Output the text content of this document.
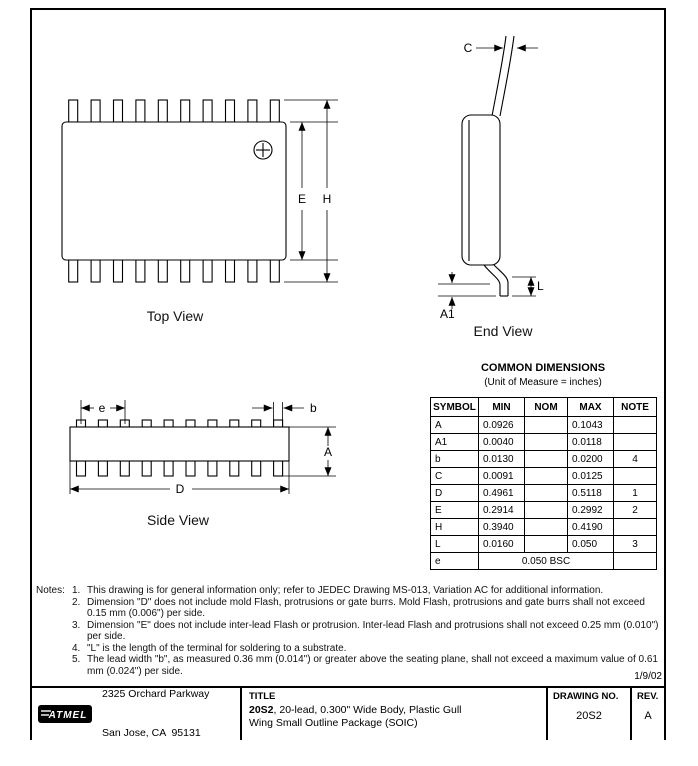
E H
Top View
C
L
A1
End View
e	b
D
A
Side View
COMMON DIMENSIONS
(Unit of Measure = inches)
SYMBOL	MIN	NOM	MAX	NOTE
A	0.0926		0.1043	
A1	0.0040		0.0118	
b	0.0130		0.0200	4
C	0.0091		0.0125	
D	0.4961		0.5118	1
E	0.2914		0.2992	2
H	0.3940		0.4190	
L	0.0160		0.050	3
e	0.050 BSC			
Notes: 1. This drawing is for general information only; refer to JEDEC Drawing MS-013, Variation AC for additional information.
2. Dimension "D" does not include mold Flash, protrusions or gate burrs. Mold Flash, protrusions and gate burrs shall not exceed 0.15 mm (0.006") per side.
3. Dimension "E" does not include inter-lead Flash or protrusion. Inter-lead Flash and protrusions shall not exceed 0.25 mm (0.010") per side.
4. "L" is the length of the terminal for soldering to a substrate.
5. The lead width "b", as measured 0.36 mm (0.014") or greater above the seating plane, shall not exceed a maximum value of 0.61 mm (0.024") per side.	1/9/02
ATMEL

2325 Orchard Parkway

San Jose, CA  95131

TITLE
20S2, 20-lead, 0.300" Wide Body, Plastic Gull
Wing Small Outline Package (SOIC)
DRAWING NO.
20S2
REV.
A
